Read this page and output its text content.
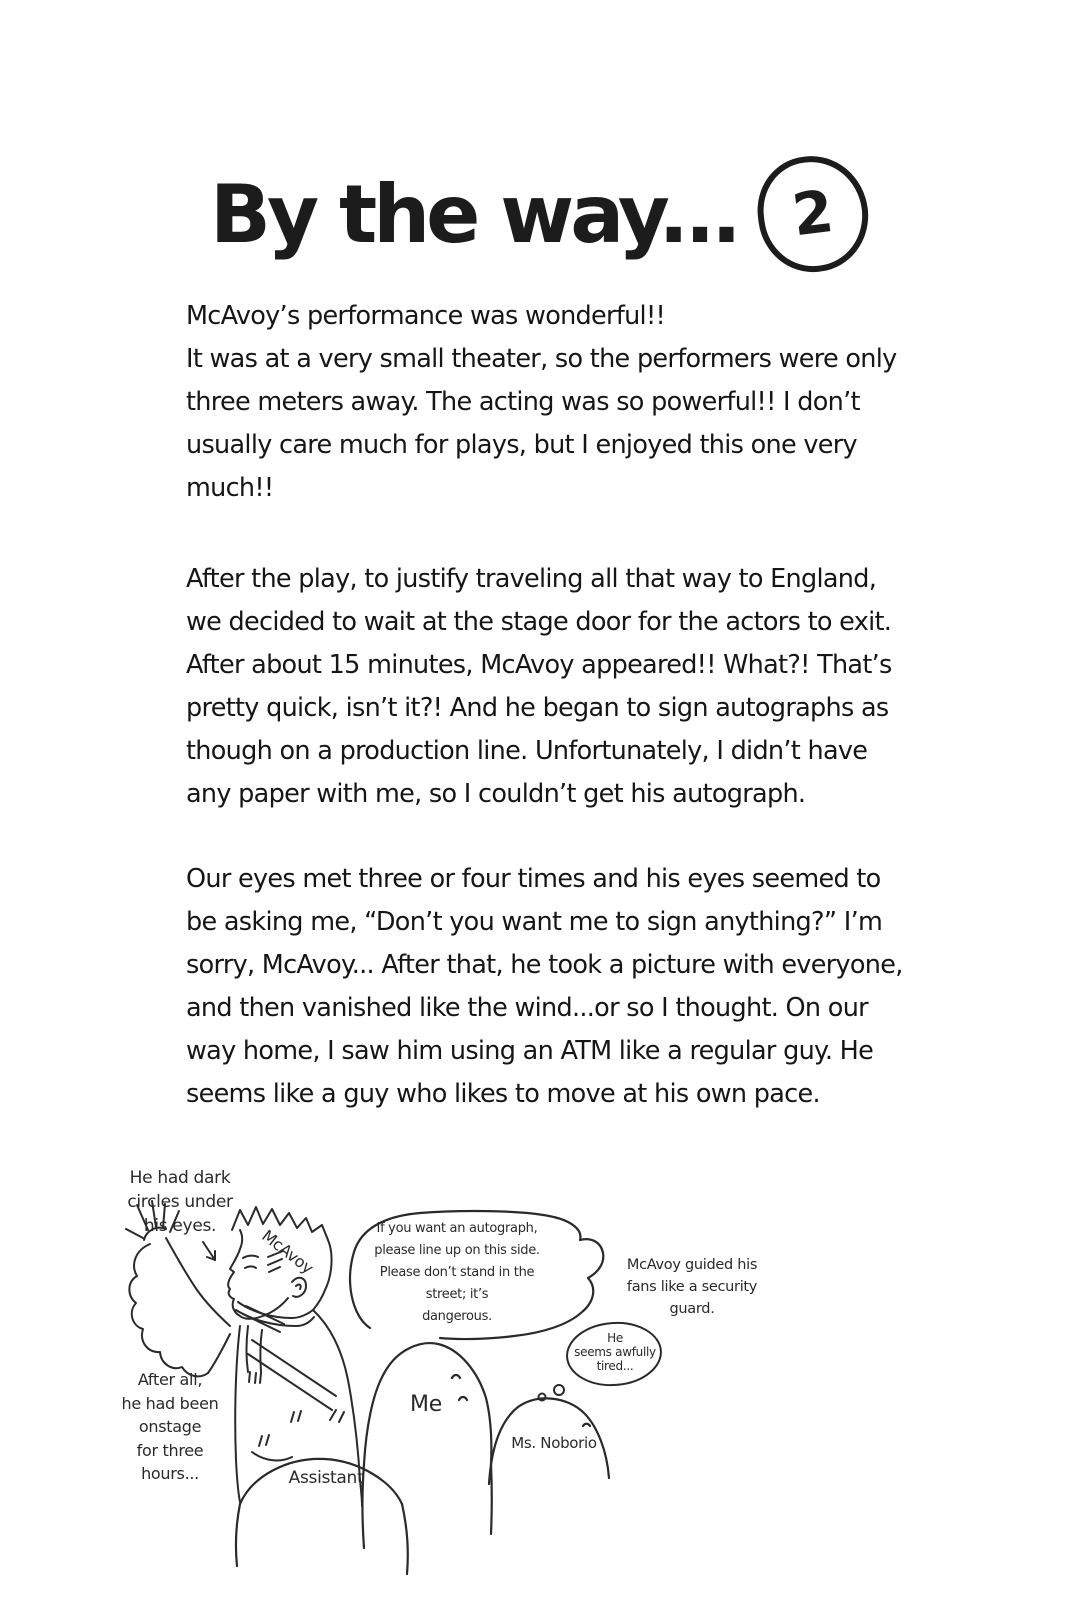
By the way... 2
McAvoy’s performance was wonderful!!
It was at a very small theater, so the performers were only
three meters away. The acting was so powerful!! I don’t
usually care much for plays, but I enjoyed this one very
much!!
After the play, to justify traveling all that way to England,
we decided to wait at the stage door for the actors to exit.
After about 15 minutes, McAvoy appeared!! What?! That’s
pretty quick, isn’t it?! And he began to sign autographs as
though on a production line. Unfortunately, I didn’t have
any paper with me, so I couldn’t get his autograph.
Our eyes met three or four times and his eyes seemed to
be asking me, “Don’t you want me to sign anything?” I’m
sorry, McAvoy... After that, he took a picture with everyone,
and then vanished like the wind...or so I thought. On our
way home, I saw him using an ATM like a regular guy. He
seems like a guy who likes to move at his own pace.
He had dark
circles under
his eyes.	McAvoy	If you want an autograph,
please line up on this side.
Please don’t stand in the
street; it’s
dangerous.
McAvoy guided his
fans like a security
guard.
He
seems awfully
tired...
After all,
he had been
onstage
for three
hours...
Me
Ms. Noborio
Assistant
